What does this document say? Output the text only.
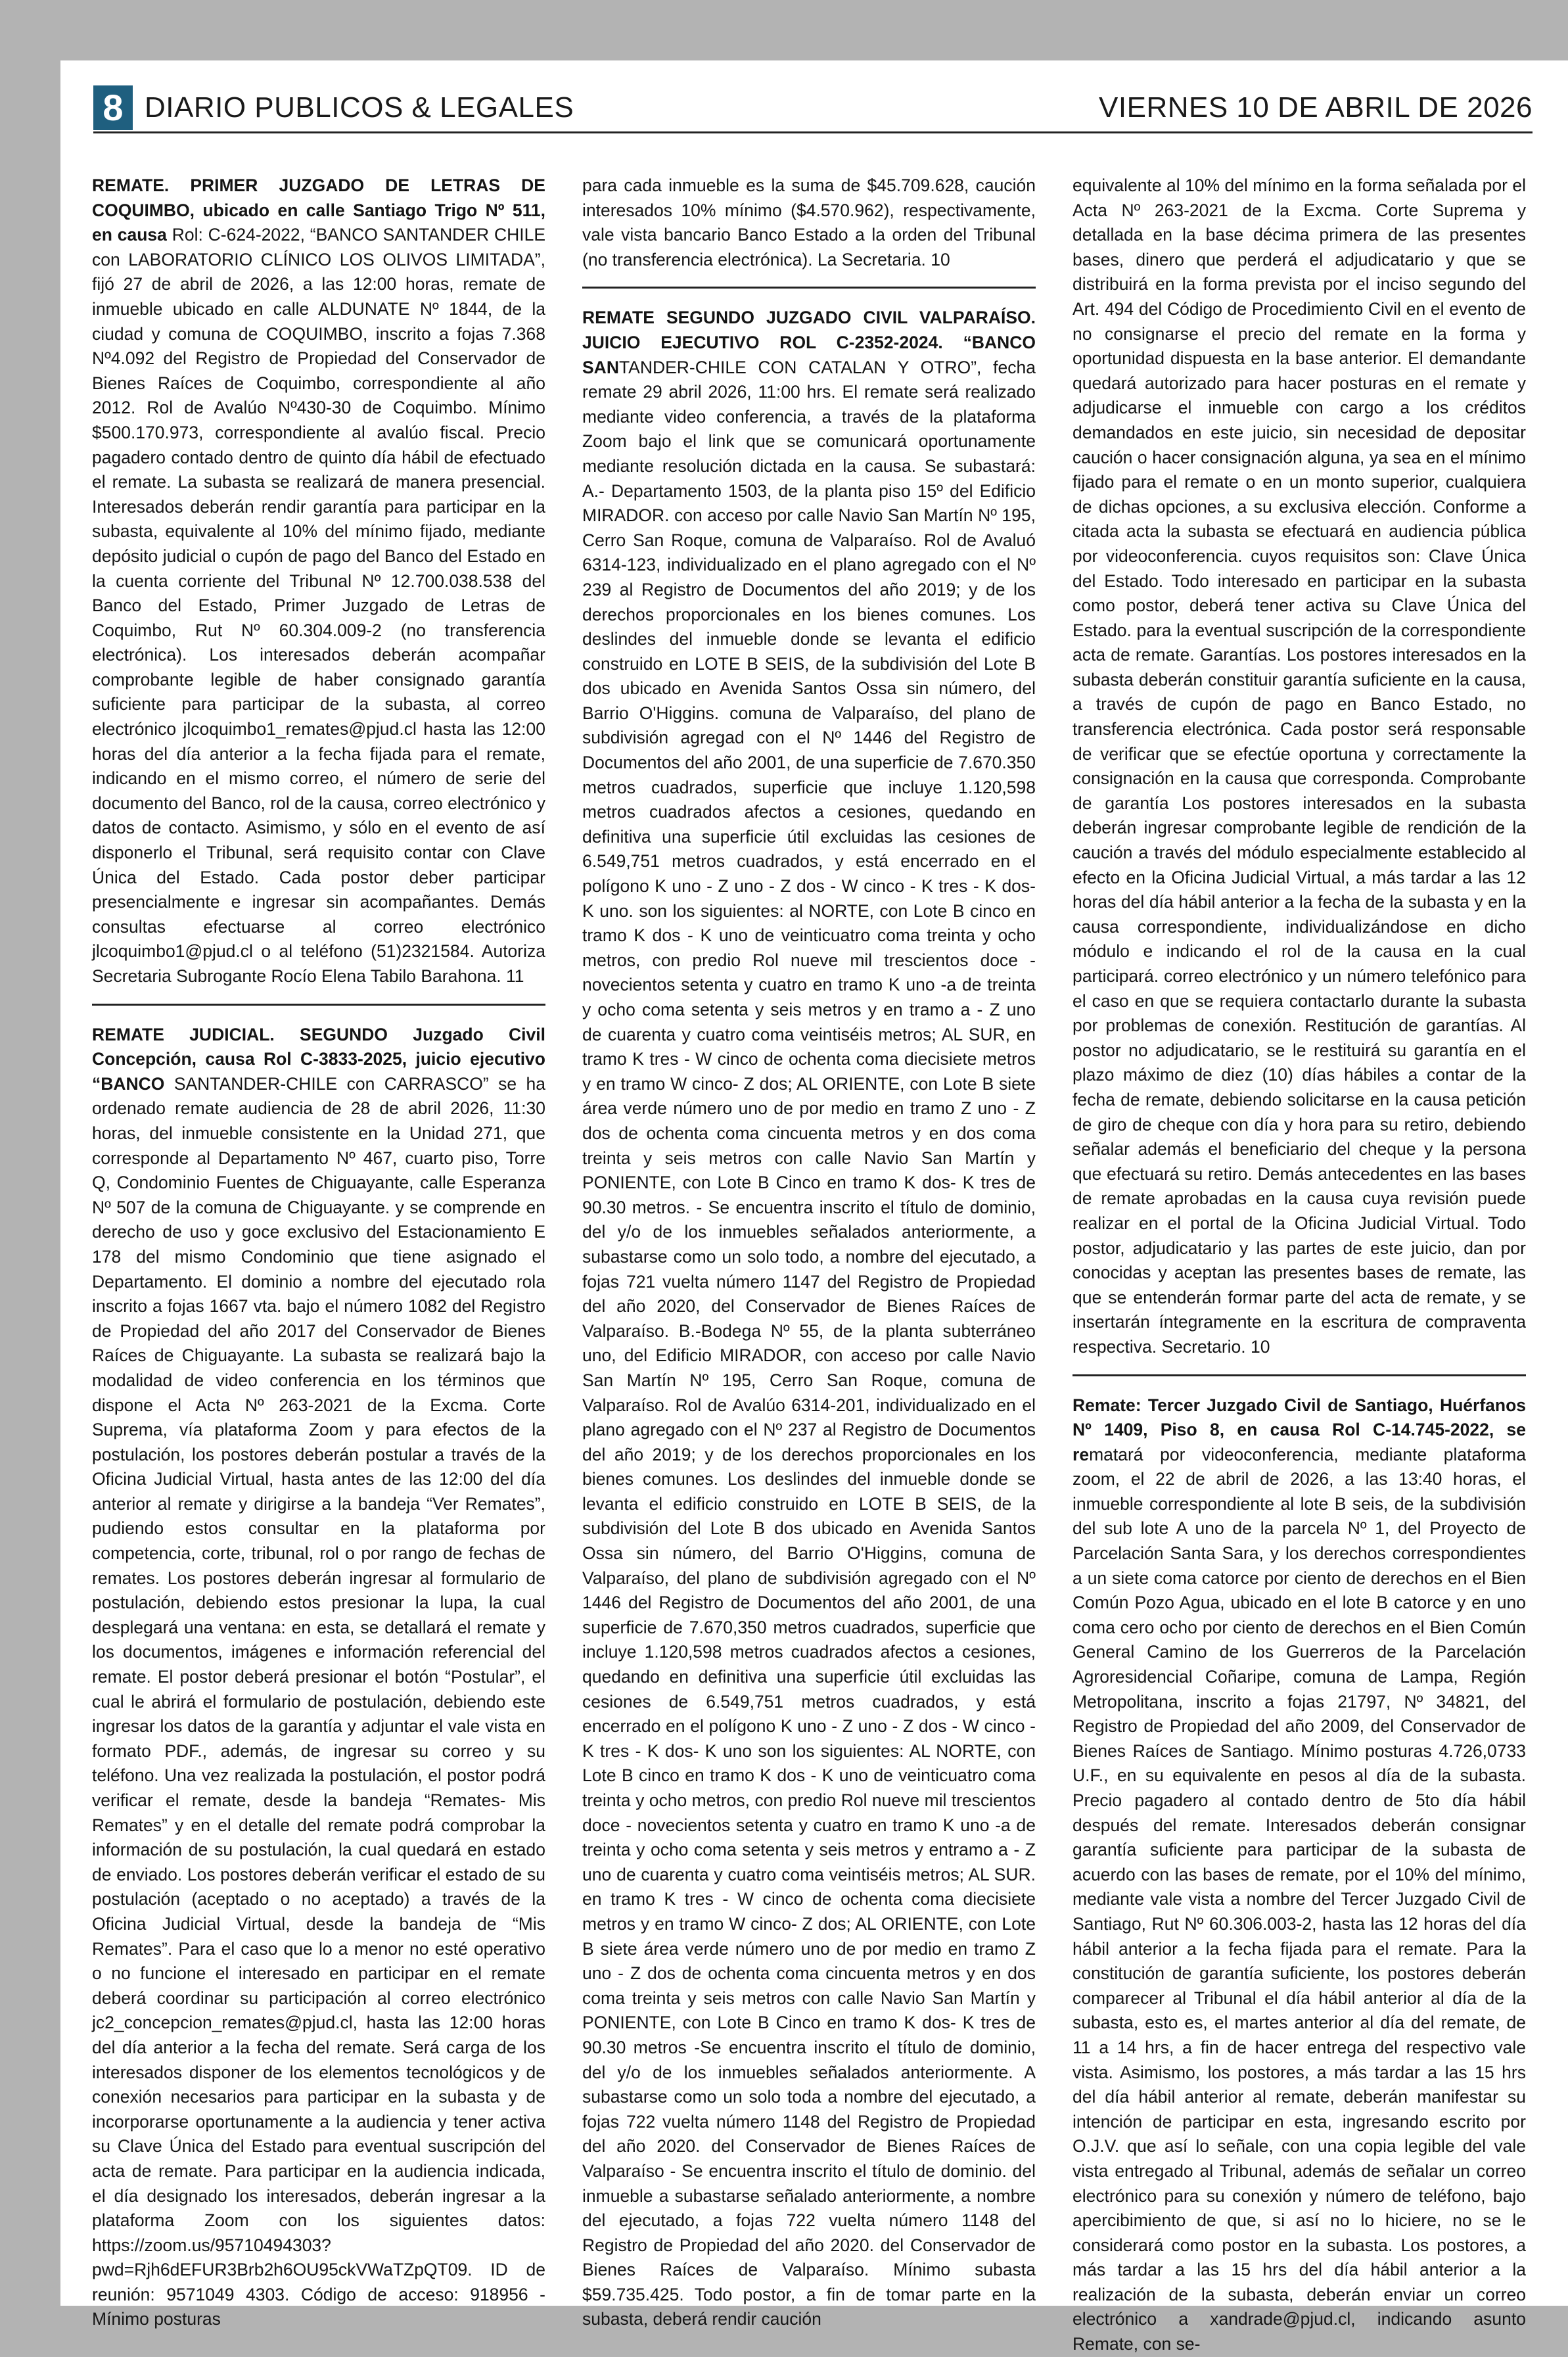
8 DIARIO PUBLICOS & LEGALES	VIERNES 10 DE ABRIL DE 2026

REMATE. PRIMER JUZGADO DE LETRAS DE COQUIMBO, ubicado en calle Santiago Trigo Nº 511, en causa Rol: C-624-2022, “BANCO SANTANDER CHILE con LABORATORIO CLÍNICO LOS OLIVOS LIMITADA”, fijó 27 de abril de 2026, a las 12:00 horas, remate de inmueble ubicado en calle ALDUNATE Nº 1844, de la ciudad y comuna de COQUIMBO, inscrito a fojas 7.368 Nº4.092 del Registro de Propiedad del Conservador de Bienes Raíces de Coquimbo, correspondiente al año 2012. Rol de Avalúo Nº430-30 de Coquimbo. Mínimo $500.170.973, correspondiente al avalúo fiscal. Precio pagadero contado dentro de quinto día hábil de efectuado el remate. La subasta se realizará de manera presencial. Interesados deberán rendir garantía para participar en la subasta, equivalente al 10% del mínimo fijado, mediante depósito judicial o cupón de pago del Banco del Estado en la cuenta corriente del Tribunal Nº 12.700.038.538 del Banco del Estado, Primer Juzgado de Letras de Coquimbo, Rut Nº 60.304.009-2 (no transferencia electrónica). Los interesados deberán acompañar comprobante legible de haber consignado garantía suficiente para participar de la subasta, al correo electrónico jlcoquimbo1_remates@pjud.cl hasta las 12:00 horas del día anterior a la fecha fijada para el remate, indicando en el mismo correo, el número de serie del documento del Banco, rol de la causa, correo electrónico y datos de contacto. Asimismo, y sólo en el evento de así disponerlo el Tribunal, será requisito contar con Clave Única del Estado. Cada postor deber participar presencialmente e ingresar sin acompañantes. Demás consultas efectuarse al correo electrónico jlcoquimbo1@pjud.cl o al teléfono (51)2321584. Autoriza Secretaria Subrogante Rocío Elena Tabilo Barahona. 11

REMATE JUDICIAL. SEGUNDO Juzgado Civil Concepción, causa Rol C-3833-2025, juicio ejecutivo “BANCO SANTANDER-CHILE con CARRASCO” se ha ordenado remate audiencia de 28 de abril 2026, 11:30 horas, del inmueble consistente en la Unidad 271, que corresponde al Departamento Nº 467, cuarto piso, Torre Q, Condominio Fuentes de Chiguayante, calle Esperanza Nº 507 de la comuna de Chiguayante. y se comprende en derecho de uso y goce exclusivo del Estacionamiento E 178 del mismo Condominio que tiene asignado el Departamento. El dominio a nombre del ejecutado rola inscrito a fojas 1667 vta. bajo el número 1082 del Registro de Propiedad del año 2017 del Conservador de Bienes Raíces de Chiguayante. La subasta se realizará bajo la modalidad de video conferencia en los términos que dispone el Acta Nº 263-2021 de la Excma. Corte Suprema, vía plataforma Zoom y para efectos de la postulación, los postores deberán postular a través de la Oficina Judicial Virtual, hasta antes de las 12:00 del día anterior al remate y dirigirse a la bandeja “Ver Remates”, pudiendo estos consultar en la plataforma por competencia, corte, tribunal, rol o por rango de fechas de remates. Los postores deberán ingresar al formulario de postulación, debiendo estos presionar la lupa, la cual desplegará una ventana: en esta, se detallará el remate y los documentos, imágenes e información referencial del remate. El postor deberá presionar el botón “Postular”, el cual le abrirá el formulario de postulación, debiendo este ingresar los datos de la garantía y adjuntar el vale vista en formato PDF., además, de ingresar su correo y su teléfono. Una vez realizada la postulación, el postor podrá verificar el remate, desde la bandeja “Remates- Mis Remates” y en el detalle del remate podrá comprobar la información de su postulación, la cual quedará en estado de enviado. Los postores deberán verificar el estado de su postulación (aceptado o no aceptado) a través de la Oficina Judicial Virtual, desde la bandeja de “Mis Remates”. Para el caso que lo a menor no esté operativo o no funcione el interesado en participar en el remate deberá coordinar su participación al correo electrónico jc2_concepcion_remates@pjud.cl, hasta las 12:00 horas del día anterior a la fecha del remate. Será carga de los interesados disponer de los elementos tecnológicos y de conexión necesarios para participar en la subasta y de incorporarse oportunamente a la audiencia y tener activa su Clave Única del Estado para eventual suscripción del acta de remate. Para participar en la audiencia indicada, el día designado los interesados, deberán ingresar a la plataforma Zoom con los siguientes datos: https://zoom.us/95710494303?pwd=Rjh6dEFUR3Brb2h6OU95ckVWaTZpQT09. ID de reunión: 9571049 4303. Código de acceso: 918956 - Mínimo posturas

para cada inmueble es la suma de $45.709.628, caución interesados 10% mínimo ($4.570.962), respectivamente, vale vista bancario Banco Estado a la orden del Tribunal (no transferencia electrónica). La Secretaria. 10

REMATE SEGUNDO JUZGADO CIVIL VALPARAÍSO. JUICIO EJECUTIVO ROL C-2352-2024. “BANCO SANTANDER-CHILE CON CATALAN Y OTRO”, fecha remate 29 abril 2026, 11:00 hrs. El remate será realizado mediante video conferencia, a través de la plataforma Zoom bajo el link que se comunicará oportunamente mediante resolución dictada en la causa. Se subastará: A.- Departamento 1503, de la planta piso 15º del Edificio MIRADOR. con acceso por calle Navio San Martín Nº 195, Cerro San Roque, comuna de Valparaíso. Rol de Avaluó 6314-123, individualizado en el plano agregado con el Nº 239 al Registro de Documentos del año 2019; y de los derechos proporcionales en los bienes comunes. Los deslindes del inmueble donde se levanta el edificio construido en LOTE B SEIS, de la subdivisión del Lote B dos ubicado en Avenida Santos Ossa sin número, del Barrio O'Higgins. comuna de Valparaíso, del plano de subdivisión agregad con el Nº 1446 del Registro de Documentos del año 2001, de una superficie de 7.670.350 metros cuadrados, superficie que incluye 1.120,598 metros cuadrados afectos a cesiones, quedando en definitiva una superficie útil excluidas las cesiones de 6.549,751 metros cuadrados, y está encerrado en el polígono K uno - Z uno - Z dos - W cinco - K tres - K dos- K uno. son los siguientes: al NORTE, con Lote B cinco en tramo K dos - K uno de veinticuatro coma treinta y ocho metros, con predio Rol nueve mil trescientos doce - novecientos setenta y cuatro en tramo K uno -a de treinta y ocho coma setenta y seis metros y en tramo a - Z uno de cuarenta y cuatro coma veintiséis metros; AL SUR, en tramo K tres - W cinco de ochenta coma diecisiete metros y en tramo W cinco- Z dos; AL ORIENTE, con Lote B siete área verde número uno de por medio en tramo Z uno - Z dos de ochenta coma cincuenta metros y en dos coma treinta y seis metros con calle Navio San Martín y PONIENTE, con Lote B Cinco en tramo K dos- K tres de 90.30 metros. - Se encuentra inscrito el título de dominio, del y/o de los inmuebles señalados anteriormente, a subastarse como un solo todo, a nombre del ejecutado, a fojas 721 vuelta número 1147 del Registro de Propiedad del año 2020, del Conservador de Bienes Raíces de Valparaíso. B.-Bodega Nº 55, de la planta subterráneo uno, del Edificio MIRADOR, con acceso por calle Navio San Martín Nº 195, Cerro San Roque, comuna de Valparaíso. Rol de Avalúo 6314-201, individualizado en el plano agregado con el Nº 237 al Registro de Documentos del año 2019; y de los derechos proporcionales en los bienes comunes. Los deslindes del inmueble donde se levanta el edificio construido en LOTE B SEIS, de la subdivisión del Lote B dos ubicado en Avenida Santos Ossa sin número, del Barrio O'Higgins, comuna de Valparaíso, del plano de subdivisión agregado con el Nº 1446 del Registro de Documentos del año 2001, de una superficie de 7.670,350 metros cuadrados, superficie que incluye 1.120,598 metros cuadrados afectos a cesiones, quedando en definitiva una superficie útil excluidas las cesiones de 6.549,751 metros cuadrados, y está encerrado en el polígono K uno - Z uno - Z dos - W cinco - K tres - K dos- K uno son los siguientes: AL NORTE, con Lote B cinco en tramo K dos - K uno de veinticuatro coma treinta y ocho metros, con predio Rol nueve mil trescientos doce - novecientos setenta y cuatro en tramo K uno -a de treinta y ocho coma setenta y seis metros y entramo a - Z uno de cuarenta y cuatro coma veintiséis metros; AL SUR. en tramo K tres - W cinco de ochenta coma diecisiete metros y en tramo W cinco- Z dos; AL ORIENTE, con Lote B siete área verde número uno de por medio en tramo Z uno - Z dos de ochenta coma cincuenta metros y en dos coma treinta y seis metros con calle Navio San Martín y PONIENTE, con Lote B Cinco en tramo K dos- K tres de 90.30 metros -Se encuentra inscrito el título de dominio, del y/o de los inmuebles señalados anteriormente. A subastarse como un solo toda a nombre del ejecutado, a fojas 722 vuelta número 1148 del Registro de Propiedad del año 2020. del Conservador de Bienes Raíces de Valparaíso - Se encuentra inscrito el título de dominio. del inmueble a subastarse señalado anteriormente, a nombre del ejecutado, a fojas 722 vuelta número 1148 del Registro de Propiedad del año 2020. del Conservador de Bienes Raíces de Valparaíso. Mínimo subasta $59.735.425. Todo postor, a fin de tomar parte en la subasta, deberá rendir caución

equivalente al 10% del mínimo en la forma señalada por el Acta Nº 263-2021 de la Excma. Corte Suprema y detallada en la base décima primera de las presentes bases, dinero que perderá el adjudicatario y que se distribuirá en la forma prevista por el inciso segundo del Art. 494 del Código de Procedimiento Civil en el evento de no consignarse el precio del remate en la forma y oportunidad dispuesta en la base anterior. El demandante quedará autorizado para hacer posturas en el remate y adjudicarse el inmueble con cargo a los créditos demandados en este juicio, sin necesidad de depositar caución o hacer consignación alguna, ya sea en el mínimo fijado para el remate o en un monto superior, cualquiera de dichas opciones, a su exclusiva elección. Conforme a citada acta la subasta se efectuará en audiencia pública por videoconferencia. cuyos requisitos son: Clave Única del Estado. Todo interesado en participar en la subasta como postor, deberá tener activa su Clave Única del Estado. para la eventual suscripción de la correspondiente acta de remate. Garantías. Los postores interesados en la subasta deberán constituir garantía suficiente en la causa, a través de cupón de pago en Banco Estado, no transferencia electrónica. Cada postor será responsable de verificar que se efectúe oportuna y correctamente la consignación en la causa que corresponda. Comprobante de garantía Los postores interesados en la subasta deberán ingresar comprobante legible de rendición de la caución a través del módulo especialmente establecido al efecto en la Oficina Judicial Virtual, a más tardar a las 12 horas del día hábil anterior a la fecha de la subasta y en la causa correspondiente, individualizándose en dicho módulo e indicando el rol de la causa en la cual participará. correo electrónico y un número telefónico para el caso en que se requiera contactarlo durante la subasta por problemas de conexión. Restitución de garantías. Al postor no adjudicatario, se le restituirá su garantía en el plazo máximo de diez (10) días hábiles a contar de la fecha de remate, debiendo solicitarse en la causa petición de giro de cheque con día y hora para su retiro, debiendo señalar además el beneficiario del cheque y la persona que efectuará su retiro. Demás antecedentes en las bases de remate aprobadas en la causa cuya revisión puede realizar en el portal de la Oficina Judicial Virtual. Todo postor, adjudicatario y las partes de este juicio, dan por conocidas y aceptan las presentes bases de remate, las que se entenderán formar parte del acta de remate, y se insertarán íntegramente en la escritura de compraventa respectiva. Secretario. 10

Remate: Tercer Juzgado Civil de Santiago, Huérfanos Nº 1409, Piso 8, en causa Rol C-14.745-2022, se rematará por videoconferencia, mediante plataforma zoom, el 22 de abril de 2026, a las 13:40 horas, el inmueble correspondiente al lote B seis, de la subdivisión del sub lote A uno de la parcela Nº 1, del Proyecto de Parcelación Santa Sara, y los derechos correspondientes a un siete coma catorce por ciento de derechos en el Bien Común Pozo Agua, ubicado en el lote B catorce y en uno coma cero ocho por ciento de derechos en el Bien Común General Camino de los Guerreros de la Parcelación Agroresidencial Coñaripe, comuna de Lampa, Región Metropolitana, inscrito a fojas 21797, Nº 34821, del Registro de Propiedad del año 2009, del Conservador de Bienes Raíces de Santiago. Mínimo posturas 4.726,0733 U.F., en su equivalente en pesos al día de la subasta. Precio pagadero al contado dentro de 5to día hábil después del remate. Interesados deberán consignar garantía suficiente para participar de la subasta de acuerdo con las bases de remate, por el 10% del mínimo, mediante vale vista a nombre del Tercer Juzgado Civil de Santiago, Rut Nº 60.306.003-2, hasta las 12 horas del día hábil anterior a la fecha fijada para el remate. Para la constitución de garantía suficiente, los postores deberán comparecer al Tribunal el día hábil anterior al día de la subasta, esto es, el martes anterior al día del remate, de 11 a 14 hrs, a fin de hacer entrega del respectivo vale vista. Asimismo, los postores, a más tardar a las 15 hrs del día hábil anterior al remate, deberán manifestar su intención de participar en esta, ingresando escrito por O.J.V. que así lo señale, con una copia legible del vale vista entregado al Tribunal, además de señalar un correo electrónico para su conexión y número de teléfono, bajo apercibimiento de que, si así no lo hiciere, no se le considerará como postor en la subasta. Los postores, a más tardar a las 15 hrs del día hábil anterior a la realización de la subasta, deberán enviar un correo electrónico a xandrade@pjud.cl, indicando asunto Remate, con se-
